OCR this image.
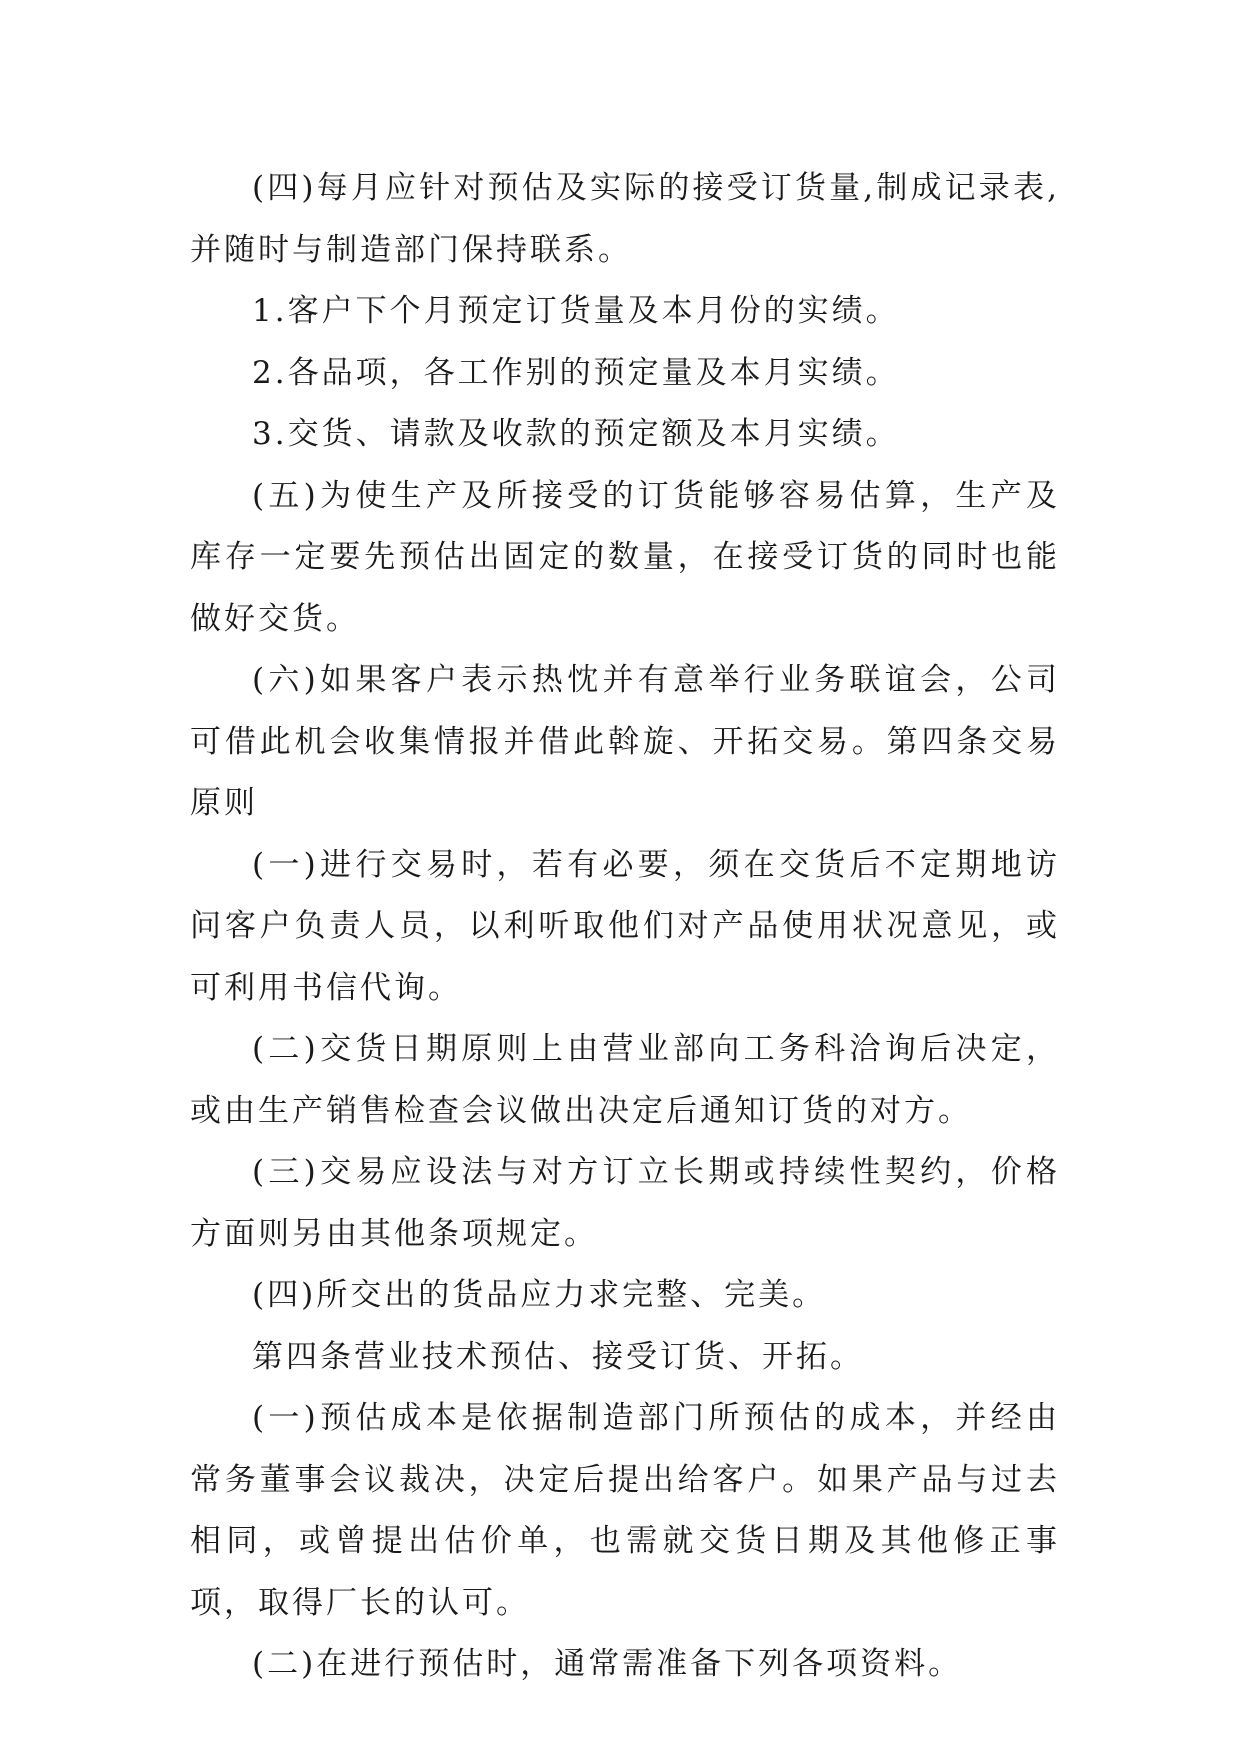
(四)每月应针对预估及实际的接受订货量,制成记录表,并随时与制造部门保持联系。

1.客户下个月预定订货量及本月份的实绩。

2.各品项，各工作别的预定量及本月实绩。

3.交货、请款及收款的预定额及本月实绩。

(五)为使生产及所接受的订货能够容易估算，生产及库存一定要先预估出固定的数量，在接受订货的同时也能做好交货。

(六)如果客户表示热忱并有意举行业务联谊会，公司可借此机会收集情报并借此斡旋、开拓交易。第四条交易原则

(一)进行交易时，若有必要，须在交货后不定期地访问客户负责人员，以利听取他们对产品使用状况意见，或可利用书信代询。

(二)交货日期原则上由营业部向工务科洽询后决定，或由生产销售检查会议做出决定后通知订货的对方。

(三)交易应设法与对方订立长期或持续性契约，价格方面则另由其他条项规定。

(四)所交出的货品应力求完整、完美。

第四条营业技术预估、接受订货、开拓。

(一)预估成本是依据制造部门所预估的成本，并经由常务董事会议裁决，决定后提出给客户。如果产品与过去相同，或曾提出估价单，也需就交货日期及其他修正事项，取得厂长的认可。

(二)在进行预估时，通常需准备下列各项资料。
